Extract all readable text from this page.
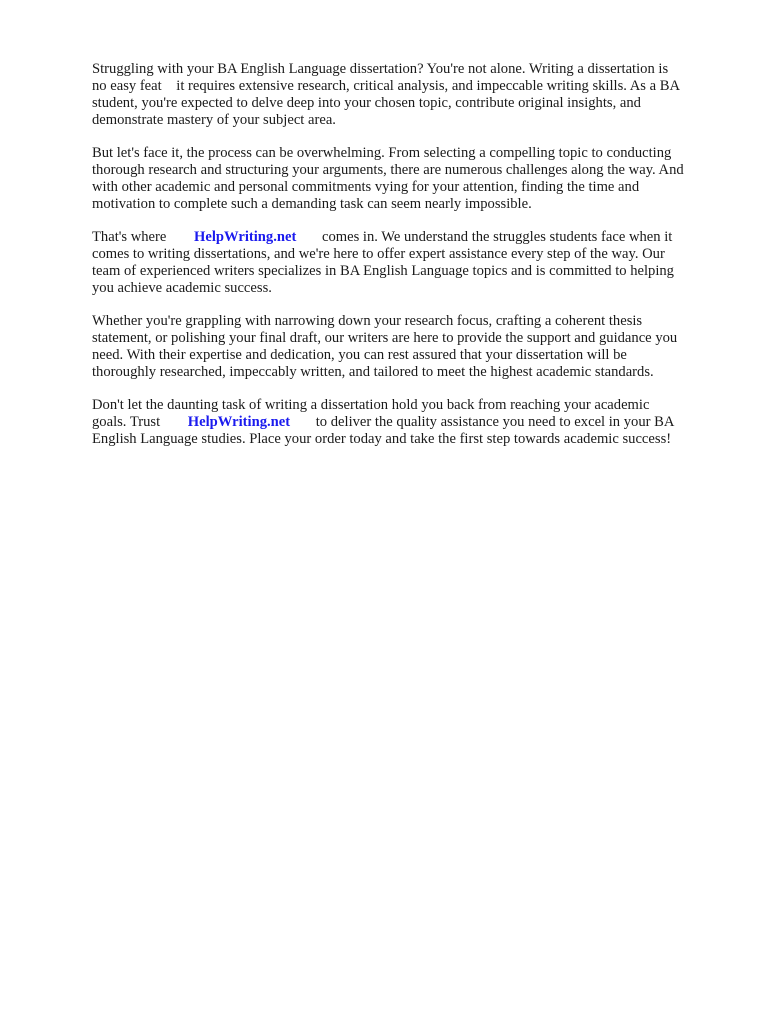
Struggling with your BA English Language dissertation? You're not alone. Writing a dissertation is
no easy feat    it requires extensive research, critical analysis, and impeccable writing skills. As a BA
student, you're expected to delve deep into your chosen topic, contribute original insights, and
demonstrate mastery of your subject area.

But let's face it, the process can be overwhelming. From selecting a compelling topic to conducting
thorough research and structuring your arguments, there are numerous challenges along the way. And
with other academic and personal commitments vying for your attention, finding the time and
motivation to complete such a demanding task can seem nearly impossible.

That's where HelpWriting.net comes in. We understand the struggles students face when it
comes to writing dissertations, and we're here to offer expert assistance every step of the way. Our
team of experienced writers specializes in BA English Language topics and is committed to helping
you achieve academic success.

Whether you're grappling with narrowing down your research focus, crafting a coherent thesis
statement, or polishing your final draft, our writers are here to provide the support and guidance you
need. With their expertise and dedication, you can rest assured that your dissertation will be
thoroughly researched, impeccably written, and tailored to meet the highest academic standards.

Don't let the daunting task of writing a dissertation hold you back from reaching your academic
goals. Trust HelpWriting.net to deliver the quality assistance you need to excel in your BA
English Language studies. Place your order today and take the first step towards academic success!
